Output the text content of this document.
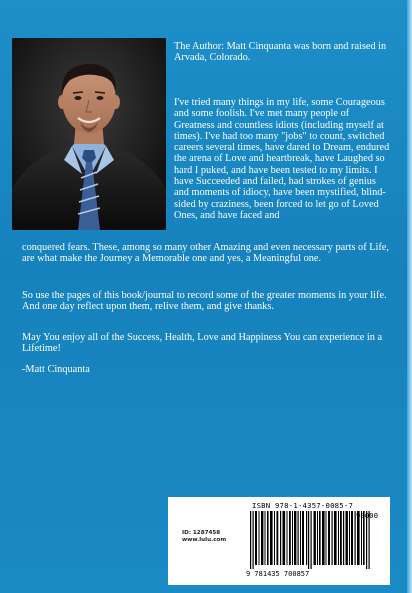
The Author: Matt Cinquanta was born and raised in Arvada, Colorado.
I've tried many things in my life, some Courageous and some foolish. I've met many people of Greatness and countless idiots (including myself at times). I've had too many "jobs" to count, switched careers several times, have dared to Dream, endured the arena of Love and heartbreak, have Laughed so hard I puked, and have been tested to my limits. I have Succeeded and failed, had strokes of genius and moments of idiocy, have been mystified, blind-sided by craziness, been forced to let go of Loved Ones, and have faced and
conquered fears. These, among so many other Amazing and even necessary parts of Life, are what make the Journey a Memorable one and yes, a Meaningful one.
So use the pages of this book/journal to record some of the greater moments in your life. And one day reflect upon them, relive them, and give thanks.
May You enjoy all of the Success, Health, Love and Happiness You can experience in a Lifetime!
-Matt Cinquanta
ID: 1287458
www.lulu.com
ISBN 978-1-4357-0085-7
9 781435 700857
90000
